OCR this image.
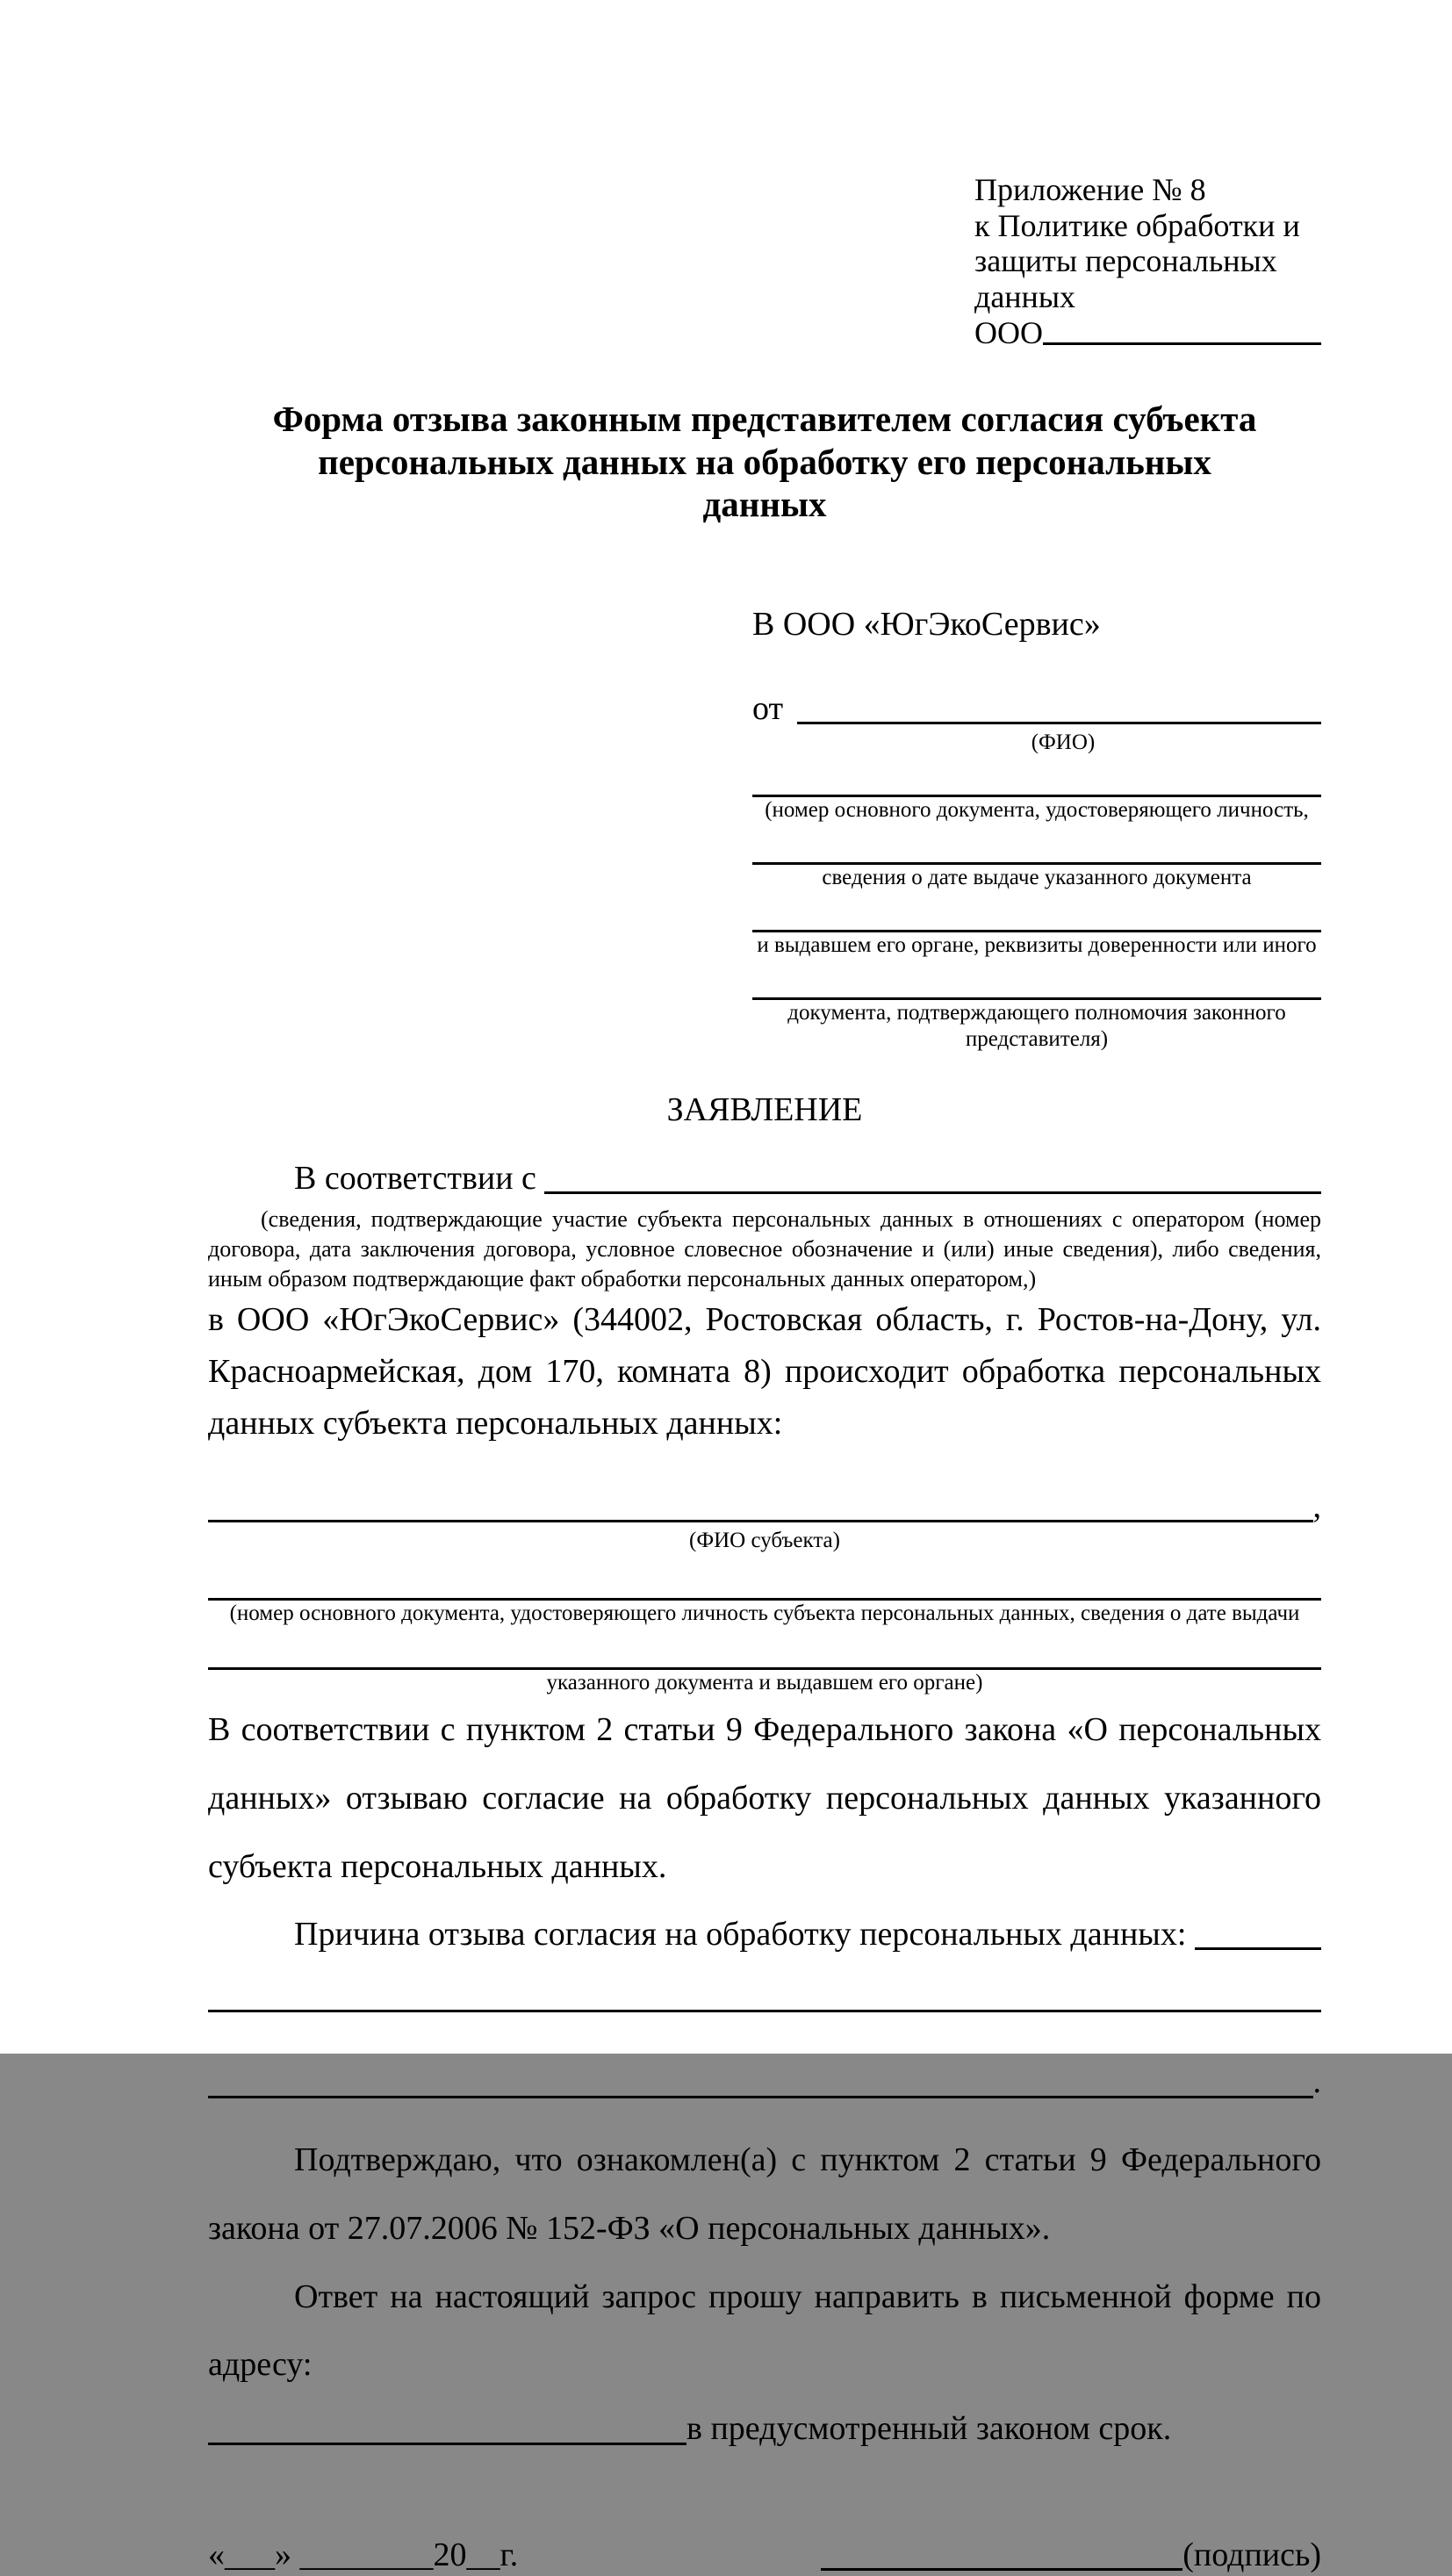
Приложение № 8
к Политике обработки и
защиты персональных данных
ООО
Форма отзыва законным представителем согласия субъекта персональных данных на обработку его персональных данных
В ООО «ЮгЭкоСервис»
от
(ФИО)
(номер основного документа, удостоверяющего личность,
сведения о дате выдаче указанного документа
и выдавшем его органе, реквизиты доверенности или иного
документа, подтверждающего полномочия законного представителя)
ЗАЯВЛЕНИЕ
В соответствии с
(сведения, подтверждающие участие субъекта персональных данных в отношениях с оператором (номер договора, дата заключения договора, условное словесное обозначение и (или) иные сведения), либо сведения, иным образом подтверждающие факт обработки персональных данных оператором,)
в ООО «ЮгЭкоСервис» (344002, Ростовская область, г. Ростов-на-Дону, ул. Красноармейская, дом 170, комната 8) происходит обработка персональных данных субъекта персональных данных:
,
(ФИО субъекта)
(номер основного документа, удостоверяющего личность субъекта персональных данных, сведения о дате выдачи
указанного документа и выдавшем его органе)
В соответствии с пунктом 2 статьи 9 Федерального закона «О персональных данных» отзываю согласие на обработку персональных данных указанного субъекта персональных данных.
Причина отзыва согласия на обработку персональных данных:
.
Подтверждаю, что ознакомлен(а) с пунктом 2 статьи 9 Федерального закона от 27.07.2006 № 152-ФЗ «О персональных данных».
Ответ на настоящий запрос прошу направить в письменной форме по адресу:
в предусмотренный законом срок.
«___» ________20__г.	(подпись)
